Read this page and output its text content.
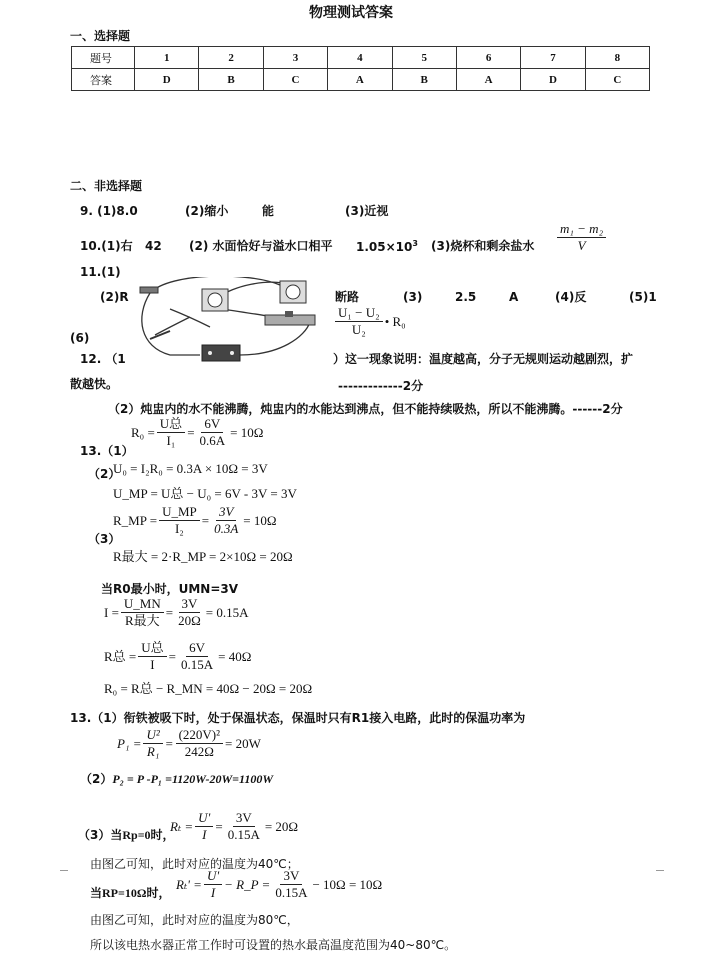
物理测试答案
一、选择题
题号	1	2	3	4	5	6	7	8
答案	D	B	C	A	B	A	D	C
二、非选择题
9. (1)8.0	(2)缩小	能	(3)近视
10.(1)右 42 (2) 水面恰好与溢水口相平 $1.05\times 10^3$ (3)烧杯和剩余盐水 $\frac{\text{m₁ − m₂}}{V}$
11.(1)
(2)R	断路	(3)	2.5	A	(4)反	(5)1
(6)
$\frac{\text{U₁ − U₂}}{\text{U₂}}$ • R₀
12. （1	）这一现象说明：温度越高，分子无规则运动越剧烈，扩
散越快。	-------------2分
（2）炖盅内的水不能沸腾，炖盅内的水能达到沸点，但不能持续吸热，所以不能沸腾。------2分
$R_0 = \frac{\text{U总}}{\text{I₁}} = \frac{6V}{0.6A} = 10\Omega$
13.（1）
（2）
U₀ = I₂R₀ = 0.3A × 10Ω = 3V
U_MP = U总 − U₀ = 6V - 3V = 3V
R_MP = $\frac{U\_MP}{\text{I₂}} = \frac{3V}{0.3A} = 10\Omega$
（3）
R最大 = 2·R_MP = 2×10Ω = 20Ω
当R0最小时，UMN=3V
$I = \frac{U\_MN}{\text{R最大}} = \frac{3V}{20\Omega} = 0.15A$
R总 = $\frac{\text{U总}}{I} = \frac{6V}{0.15A} = 40\Omega$
R₀ = R总 − R_MN = 40Ω − 20Ω = 20Ω
13.（1）衔铁被吸下时，处于保温状态，保温时只有R1接入电路，此时的保温功率为
$P_1 = \frac{\text{U²}}{\text{R₁}} = \frac{\text{(220V)²}}{242\Omega} = 20W$
（2）P₂ = P -P₁ =1120W-20W=1100W
（3）当Rp=0时，
$R_t = \frac{U'}{I} = \frac{3V}{0.15A} = 20\Omega$
由图乙可知，此时对应的温度为40℃；
当RP=10Ω时，
$R_t' = \frac{U'}{I}$ − R_P = $\frac{3V}{0.15A} - 10\Omega = 10\Omega$
由图乙可知，此时对应的温度为80℃，
所以该电热水器正常工作时可设置的热水最高温度范围为40~80℃。
